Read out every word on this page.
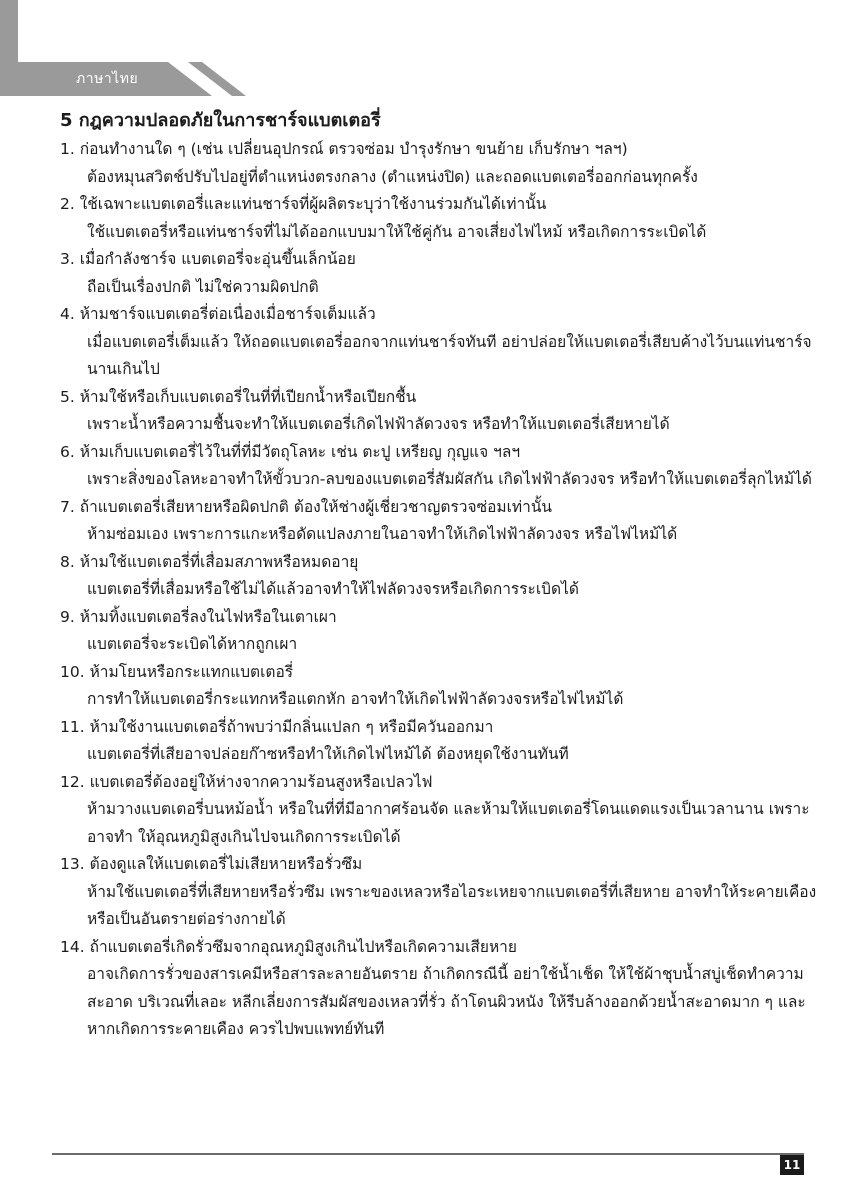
ภาษาไทย
5 กฎความปลอดภัยในการชาร์จแบตเตอรี่
1. ก่อนทำงานใด ๆ (เช่น เปลี่ยนอุปกรณ์ ตรวจซ่อม บำรุงรักษา ขนย้าย เก็บรักษา ฯลฯ)
ต้องหมุนสวิตช์ปรับไปอยู่ที่ตำแหน่งตรงกลาง (ตำแหน่งปิด) และถอดแบตเตอรี่ออกก่อนทุกครั้ง
2. ใช้เฉพาะแบตเตอรี่และแท่นชาร์จที่ผู้ผลิตระบุว่าใช้งานร่วมกันได้เท่านั้น
ใช้แบตเตอรี่หรือแท่นชาร์จที่ไม่ได้ออกแบบมาให้ใช้คู่กัน อาจเสี่ยงไฟไหม้ หรือเกิดการระเบิดได้
3. เมื่อกำลังชาร์จ แบตเตอรี่จะอุ่นขึ้นเล็กน้อย
ถือเป็นเรื่องปกติ ไม่ใช่ความผิดปกติ
4. ห้ามชาร์จแบตเตอรี่ต่อเนื่องเมื่อชาร์จเต็มแล้ว
เมื่อแบตเตอรี่เต็มแล้ว ให้ถอดแบตเตอรี่ออกจากแท่นชาร์จทันที อย่าปล่อยให้แบตเตอรี่เสียบค้างไว้บนแท่นชาร์จนานเกินไป
5. ห้ามใช้หรือเก็บแบตเตอรี่ในที่ที่เปียกน้ำหรือเปียกชื้น
เพราะน้ำหรือความชื้นจะทำให้แบตเตอรี่เกิดไฟฟ้าลัดวงจร หรือทำให้แบตเตอรี่เสียหายได้
6. ห้ามเก็บแบตเตอรี่ไว้ในที่ที่มีวัตถุโลหะ เช่น ตะปู เหรียญ กุญแจ ฯลฯ
เพราะสิ่งของโลหะอาจทำให้ขั้วบวก-ลบของแบตเตอรี่สัมผัสกัน เกิดไฟฟ้าลัดวงจร หรือทำให้แบตเตอรี่ลุกไหม้ได้
7. ถ้าแบตเตอรี่เสียหายหรือผิดปกติ ต้องให้ช่างผู้เชี่ยวชาญตรวจซ่อมเท่านั้น
ห้ามซ่อมเอง เพราะการแกะหรือดัดแปลงภายในอาจทำให้เกิดไฟฟ้าลัดวงจร หรือไฟไหม้ได้
8. ห้ามใช้แบตเตอรี่ที่เสื่อมสภาพหรือหมดอายุ
แบตเตอรี่ที่เสื่อมหรือใช้ไม่ได้แล้วอาจทำให้ไฟลัดวงจรหรือเกิดการระเบิดได้
9. ห้ามทิ้งแบตเตอรี่ลงในไฟหรือในเตาเผา
แบตเตอรี่จะระเบิดได้หากถูกเผา
10. ห้ามโยนหรือกระแทกแบตเตอรี่
การทำให้แบตเตอรี่กระแทกหรือแตกหัก อาจทำให้เกิดไฟฟ้าลัดวงจรหรือไฟไหม้ได้
11. ห้ามใช้งานแบตเตอรี่ถ้าพบว่ามีกลิ่นแปลก ๆ หรือมีควันออกมา
แบตเตอรี่ที่เสียอาจปล่อยก๊าซหรือทำให้เกิดไฟไหม้ได้ ต้องหยุดใช้งานทันที
12. แบตเตอรี่ต้องอยู่ให้ห่างจากความร้อนสูงหรือเปลวไฟ
ห้ามวางแบตเตอรี่บนหม้อน้ำ หรือในที่ที่มีอากาศร้อนจัด และห้ามให้แบตเตอรี่โดนแดดแรงเป็นเวลานาน เพราะอาจทำ ให้อุณหภูมิสูงเกินไปจนเกิดการระเบิดได้
13. ต้องดูแลให้แบตเตอรี่ไม่เสียหายหรือรั่วซึม
ห้ามใช้แบตเตอรี่ที่เสียหายหรือรั่วซึม เพราะของเหลวหรือไอระเหยจากแบตเตอรี่ที่เสียหาย อาจทำให้ระคายเคืองหรือเป็นอันตรายต่อร่างกายได้
14. ถ้าแบตเตอรี่เกิดรั่วซึมจากอุณหภูมิสูงเกินไปหรือเกิดความเสียหาย
อาจเกิดการรั่วของสารเคมีหรือสารละลายอันตราย ถ้าเกิดกรณีนี้ อย่าใช้น้ำเช็ด ให้ใช้ผ้าชุบน้ำสบู่เช็ดทำความสะอาด บริเวณที่เลอะ หลีกเลี่ยงการสัมผัสของเหลวที่รั่ว ถ้าโดนผิวหนัง ให้รีบล้างออกด้วยน้ำสะอาดมาก ๆ และหากเกิดการระคายเคือง ควรไปพบแพทย์ทันที
11
